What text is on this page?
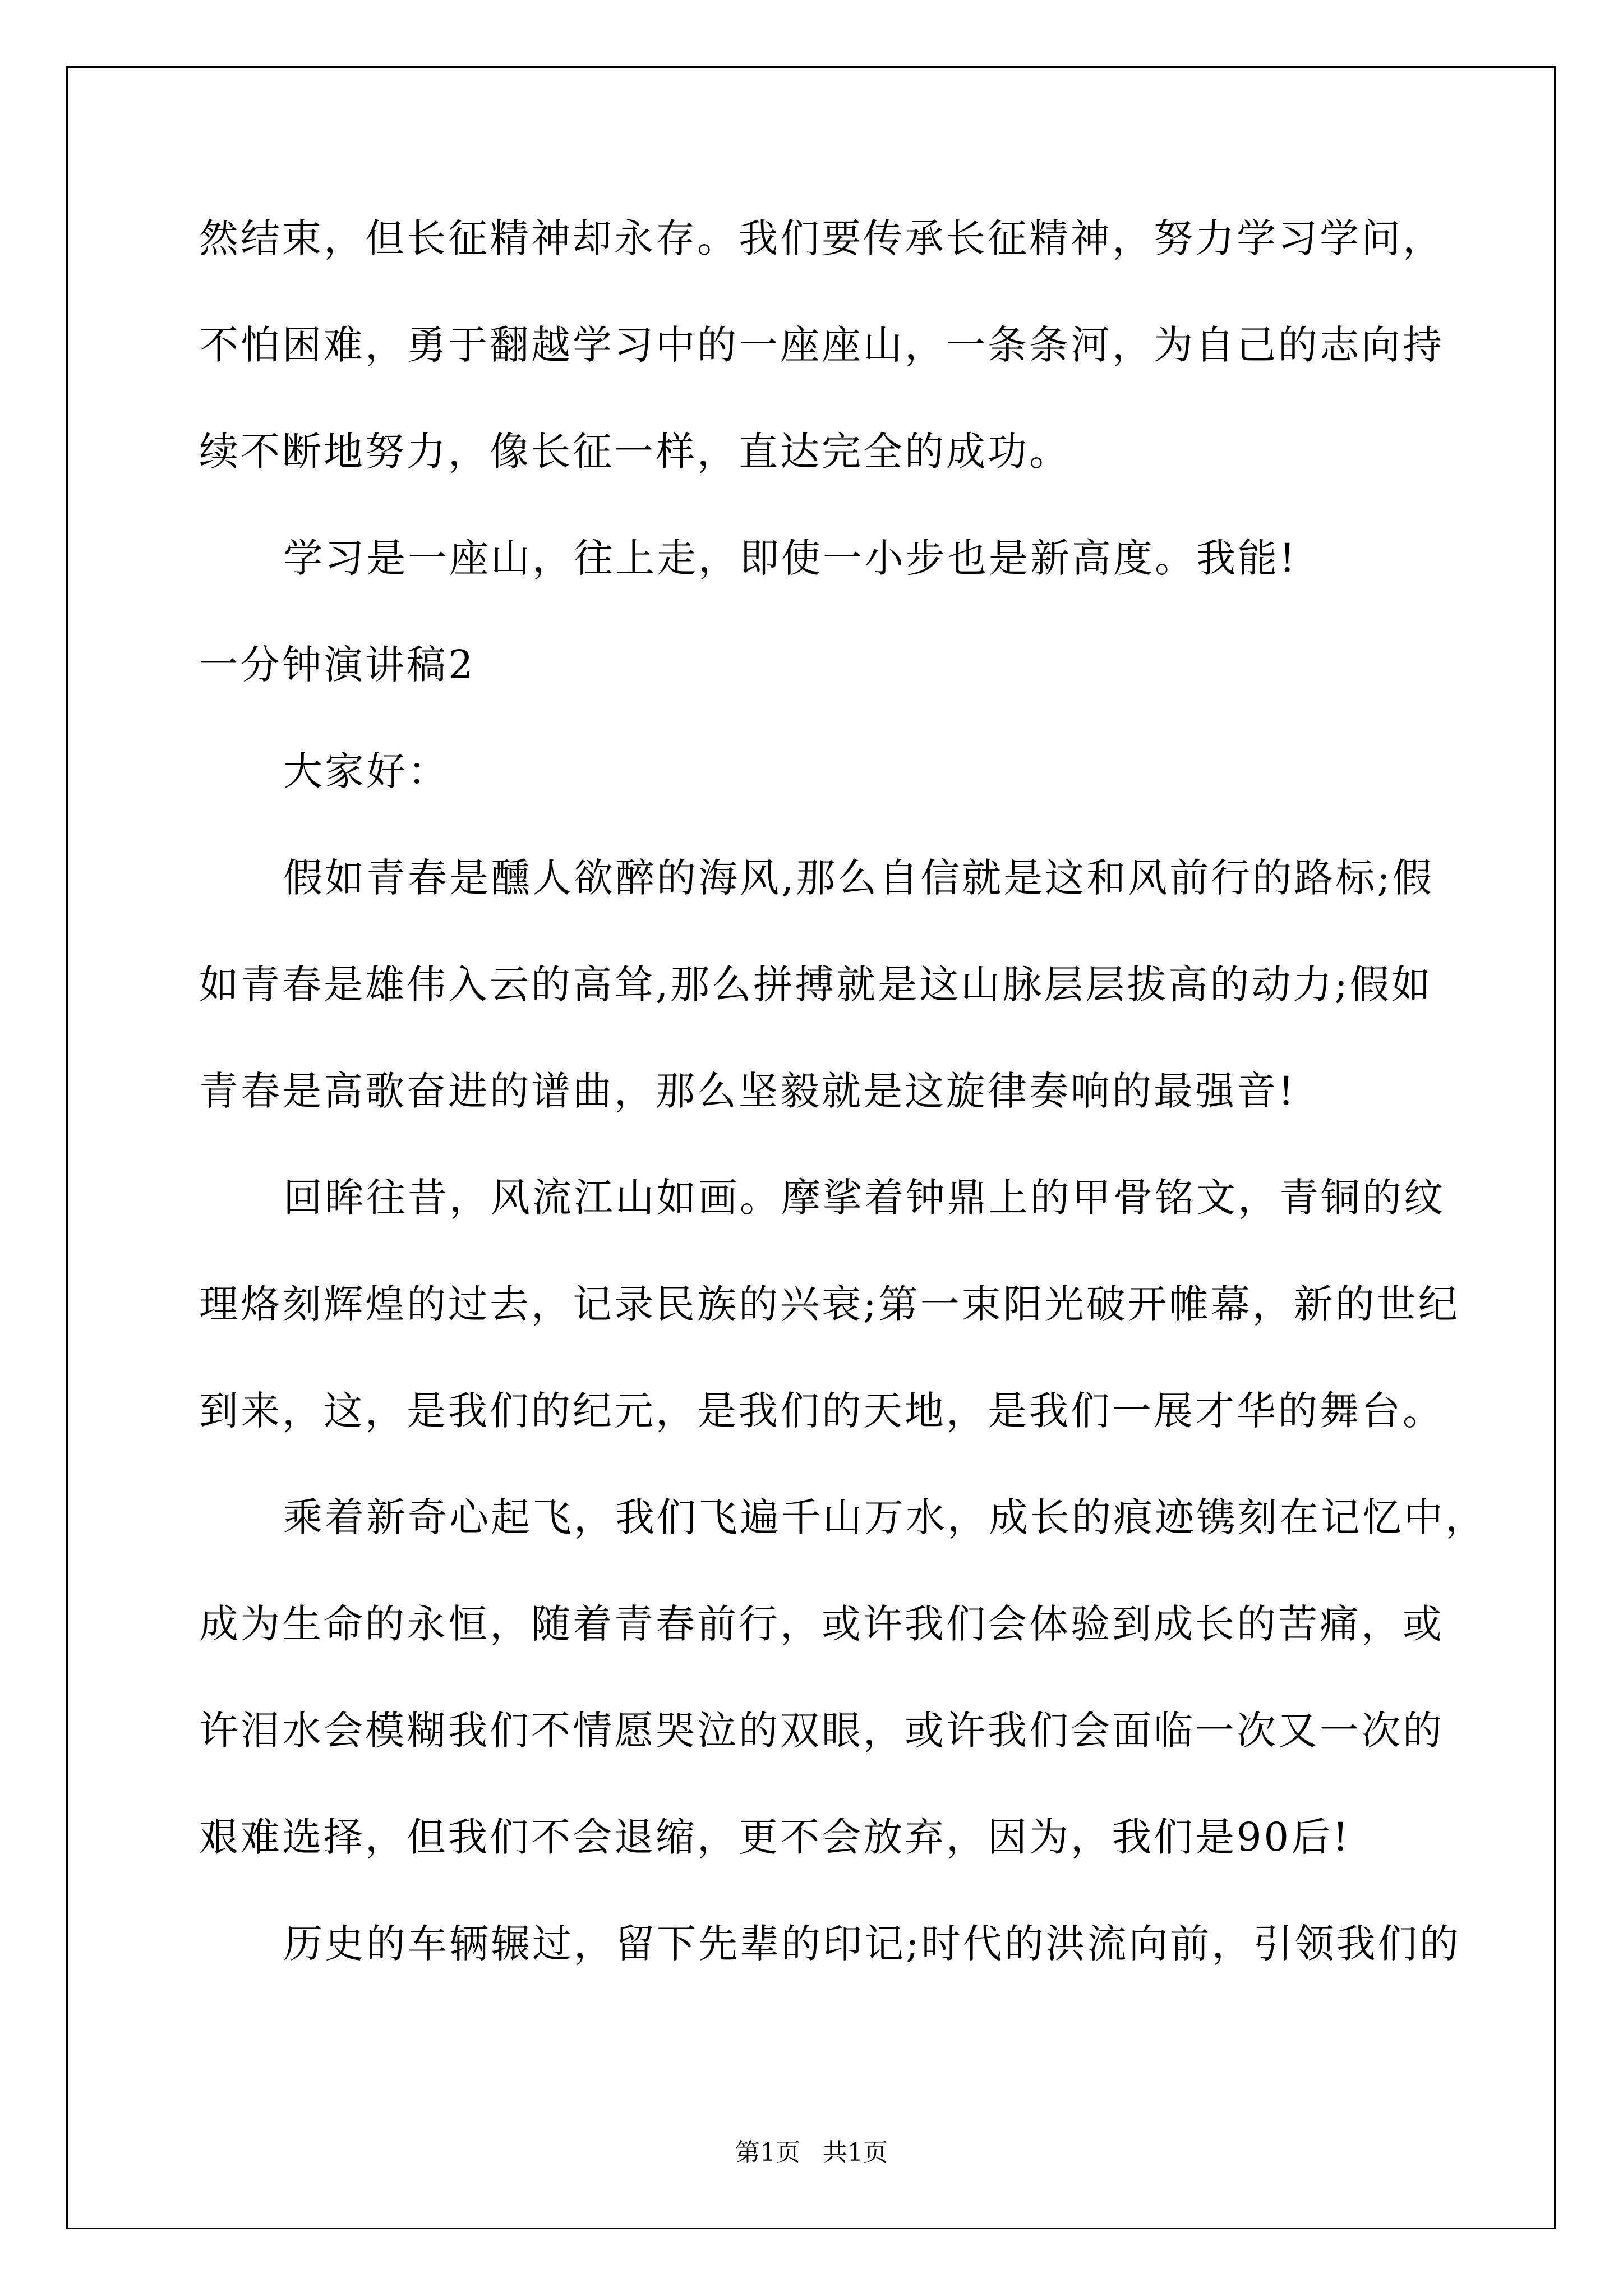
然结束，但长征精神却永存。我们要传承长征精神，努力学习学问，
不怕困难，勇于翻越学习中的一座座山，一条条河，为自己的志向持
续不断地努力，像长征一样，直达完全的成功。
学习是一座山，往上走，即使一小步也是新高度。我能!
一分钟演讲稿2
大家好：
假如青春是醺人欲醉的海风,那么自信就是这和风前行的路标;假
如青春是雄伟入云的高耸,那么拼搏就是这山脉层层拔高的动力;假如
青春是高歌奋进的谱曲，那么坚毅就是这旋律奏响的最强音!
回眸往昔，风流江山如画。摩挲着钟鼎上的甲骨铭文，青铜的纹
理烙刻辉煌的过去，记录民族的兴衰;第一束阳光破开帷幕，新的世纪
到来，这，是我们的纪元，是我们的天地，是我们一展才华的舞台。
乘着新奇心起飞，我们飞遍千山万水，成长的痕迹镌刻在记忆中，
成为生命的永恒，随着青春前行，或许我们会体验到成长的苦痛，或
许泪水会模糊我们不情愿哭泣的双眼，或许我们会面临一次又一次的
艰难选择，但我们不会退缩，更不会放弃，因为，我们是90后!
历史的车辆辗过，留下先辈的印记;时代的洪流向前，引领我们的
第1页 共1页
